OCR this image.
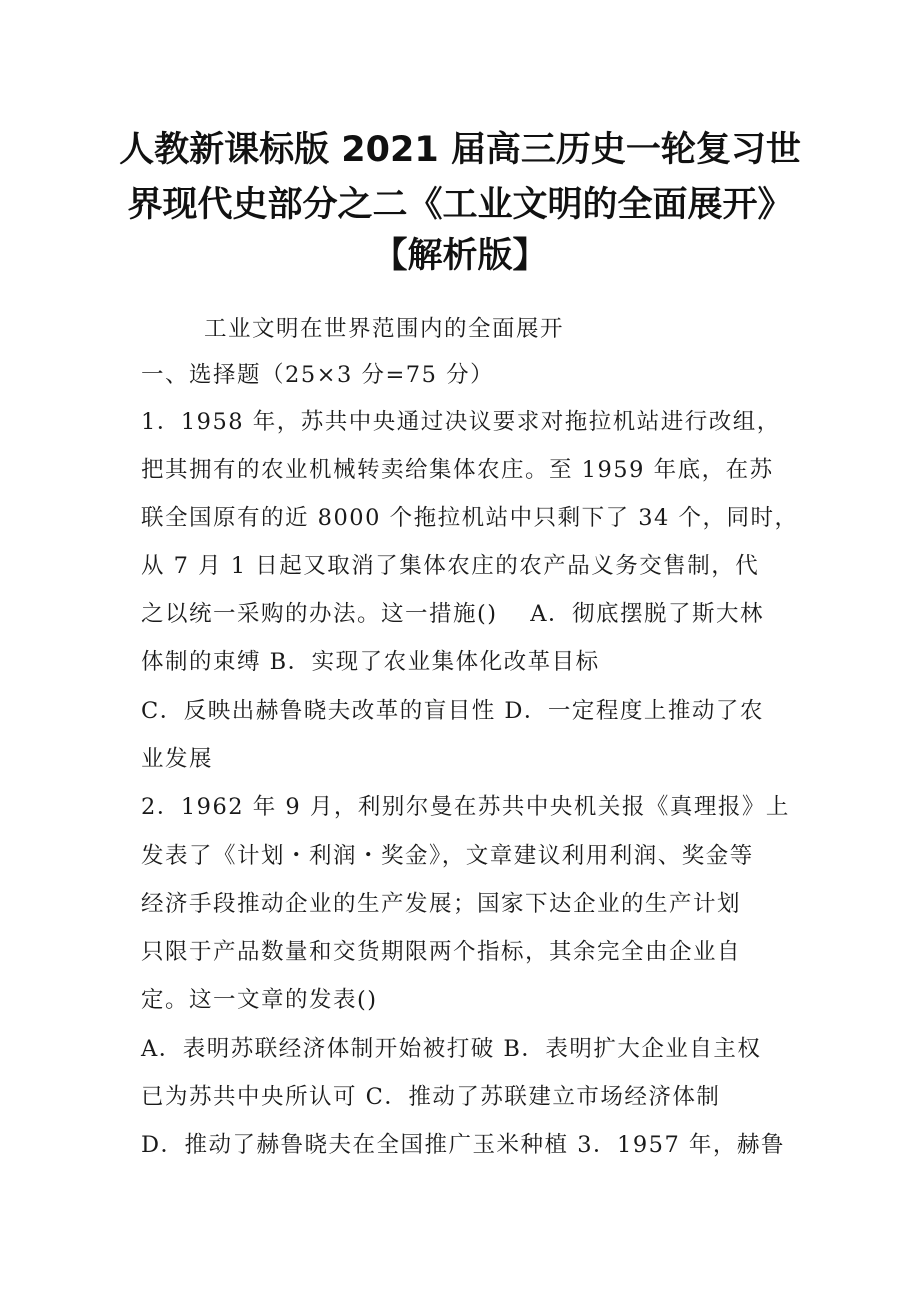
人教新课标版 2021 届高三历史一轮复习世
界现代史部分之二《工业文明的全面展开》
【解析版】
工业文明在世界范围内的全面展开
一、选择题（25×3 分=75 分）
1．1958 年，苏共中央通过决议要求对拖拉机站进行改组，
把其拥有的农业机械转卖给集体农庄。至 1959 年底，在苏
联全国原有的近 8000 个拖拉机站中只剩下了 34 个，同时，
从 7 月 1 日起又取消了集体农庄的农产品义务交售制，代
之以统一采购的办法。这一措施()　 A．彻底摆脱了斯大林
体制的束缚 B．实现了农业集体化改革目标
C．反映出赫鲁晓夫改革的盲目性 D．一定程度上推动了农
业发展
2．1962 年 9 月，利别尔曼在苏共中央机关报《真理报》上
发表了《计划・利润・奖金》，文章建议利用利润、奖金等
经济手段推动企业的生产发展；国家下达企业的生产计划
只限于产品数量和交货期限两个指标，其余完全由企业自
定。这一文章的发表()
A．表明苏联经济体制开始被打破 B．表明扩大企业自主权
已为苏共中央所认可 C．推动了苏联建立市场经济体制
D．推动了赫鲁晓夫在全国推广玉米种植 3．1957 年，赫鲁
